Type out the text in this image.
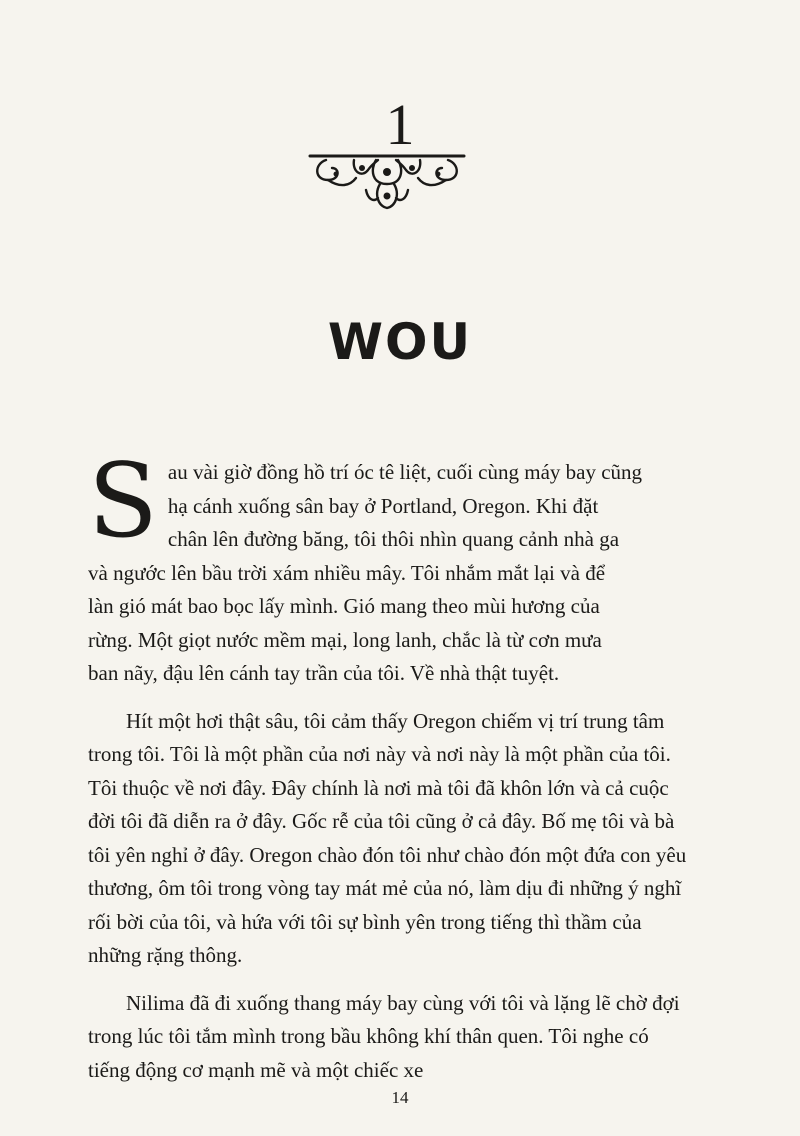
1
WOU
S au vài giờ đồng hồ trí óc tê liệt, cuối cùng máy bay cũng
hạ cánh xuống sân bay ở Portland, Oregon. Khi đặt
chân lên đường băng, tôi thôi nhìn quang cảnh nhà ga
và ngước lên bầu trời xám nhiều mây. Tôi nhắm mắt lại và để
làn gió mát bao bọc lấy mình. Gió mang theo mùi hương của
rừng. Một giọt nước mềm mại, long lanh, chắc là từ cơn mưa
ban nãy, đậu lên cánh tay trần của tôi. Về nhà thật tuyệt.

Hít một hơi thật sâu, tôi cảm thấy Oregon chiếm vị trí trung tâm trong tôi. Tôi là một phần của nơi này và nơi này là một phần của tôi. Tôi thuộc về nơi đây. Đây chính là nơi mà tôi đã khôn lớn và cả cuộc đời tôi đã diễn ra ở đây. Gốc rễ của tôi cũng ở cả đây. Bố mẹ tôi và bà tôi yên nghỉ ở đây. Oregon chào đón tôi như chào đón một đứa con yêu thương, ôm tôi trong vòng tay mát mẻ của nó, làm dịu đi những ý nghĩ rối bời của tôi, và hứa với tôi sự bình yên trong tiếng thì thầm của những rặng thông.

Nilima đã đi xuống thang máy bay cùng với tôi và lặng lẽ chờ đợi trong lúc tôi tắm mình trong bầu không khí thân quen. Tôi nghe có tiếng động cơ mạnh mẽ và một chiếc xe

14
